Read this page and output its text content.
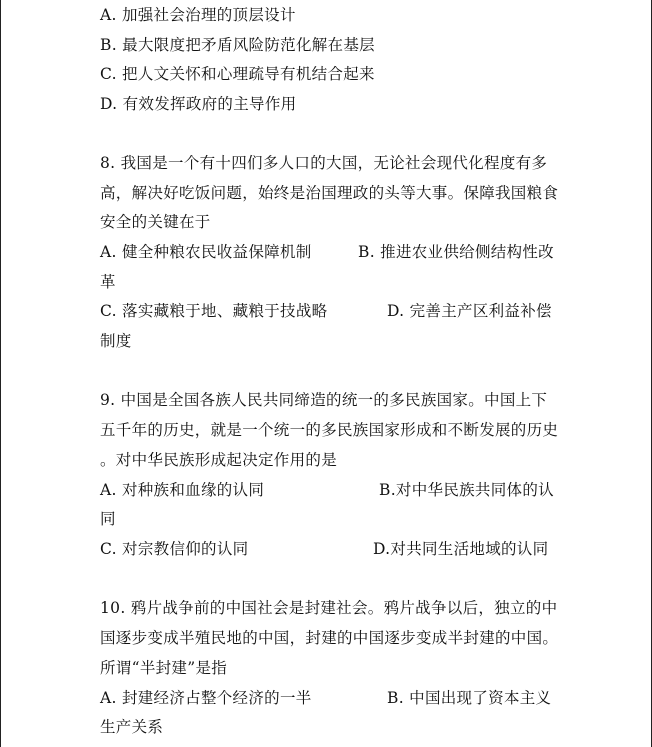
A. 加强社会治理的顶层设计
B. 最大限度把矛盾风险防范化解在基层
C. 把人文关怀和心理疏导有机结合起来
D. 有效发挥政府的主导作用
8. 我国是一个有十四们多人口的大国，无论社会现代化程度有多
高，解决好吃饭问题，始终是治国理政的头等大事。保障我国粮食
安全的关键在于
A. 健全种粮农民收益保障机制	B. 推进农业供给侧结构性改
革
C. 落实藏粮于地、藏粮于技战略	D. 完善主产区利益补偿
制度
9. 中国是全国各族人民共同缔造的统一的多民族国家。中国上下
五千年的历史，就是一个统一的多民族国家形成和不断发展的历史
。对中华民族形成起决定作用的是
A. 对种族和血缘的认同	B.对中华民族共同体的认
同
C. 对宗教信仰的认同	D.对共同生活地域的认同
10. 鸦片战争前的中国社会是封建社会。鸦片战争以后，独立的中
国逐步变成半殖民地的中国，封建的中国逐步变成半封建的中国。
所谓“半封建”是指
A. 封建经济占整个经济的一半	B. 中国出现了资本主义
生产关系
